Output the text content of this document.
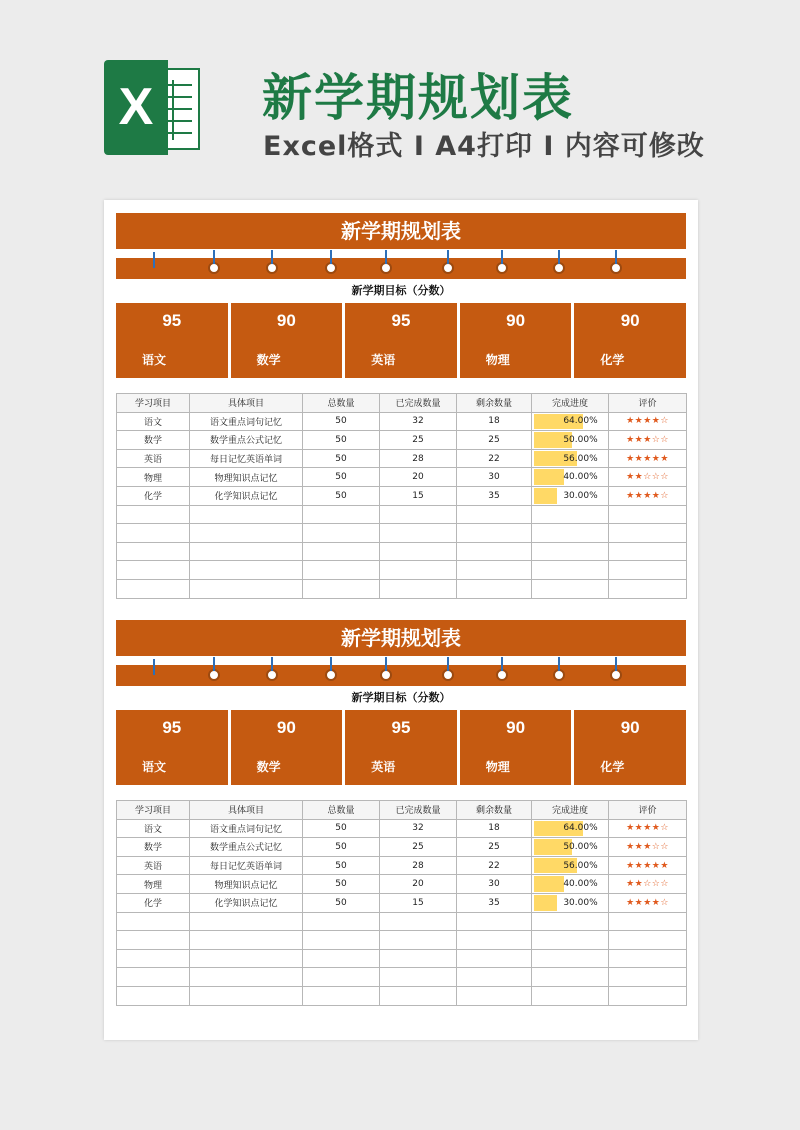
X 新学期规划表
Excel格式 Ⅰ A4打印 Ⅰ 内容可修改
新学期规划表
新学期目标（分数）
95
语文
90
数学
95
英语
90
物理
90
化学
学习项目	具体项目	总数量	已完成数量	剩余数量	完成进度	评价
语文	语文重点词句记忆	50	32	18	64.00%	★★★★☆
数学	数学重点公式记忆	50	25	25	50.00%	★★★☆☆
英语	每日记忆英语单词	50	28	22	56.00%	★★★★★
物理	物理知识点记忆	50	20	30	40.00%	★★☆☆☆
化学	化学知识点记忆	50	15	35	30.00%	★★★★☆

新学期规划表
新学期目标（分数）
95
语文
90
数学
95
英语
90
物理
90
化学
学习项目	具体项目	总数量	已完成数量	剩余数量	完成进度	评价
语文	语文重点词句记忆	50	32	18	64.00%	★★★★☆
数学	数学重点公式记忆	50	25	25	50.00%	★★★☆☆
英语	每日记忆英语单词	50	28	22	56.00%	★★★★★
物理	物理知识点记忆	50	20	30	40.00%	★★☆☆☆
化学	化学知识点记忆	50	15	35	30.00%	★★★★☆
